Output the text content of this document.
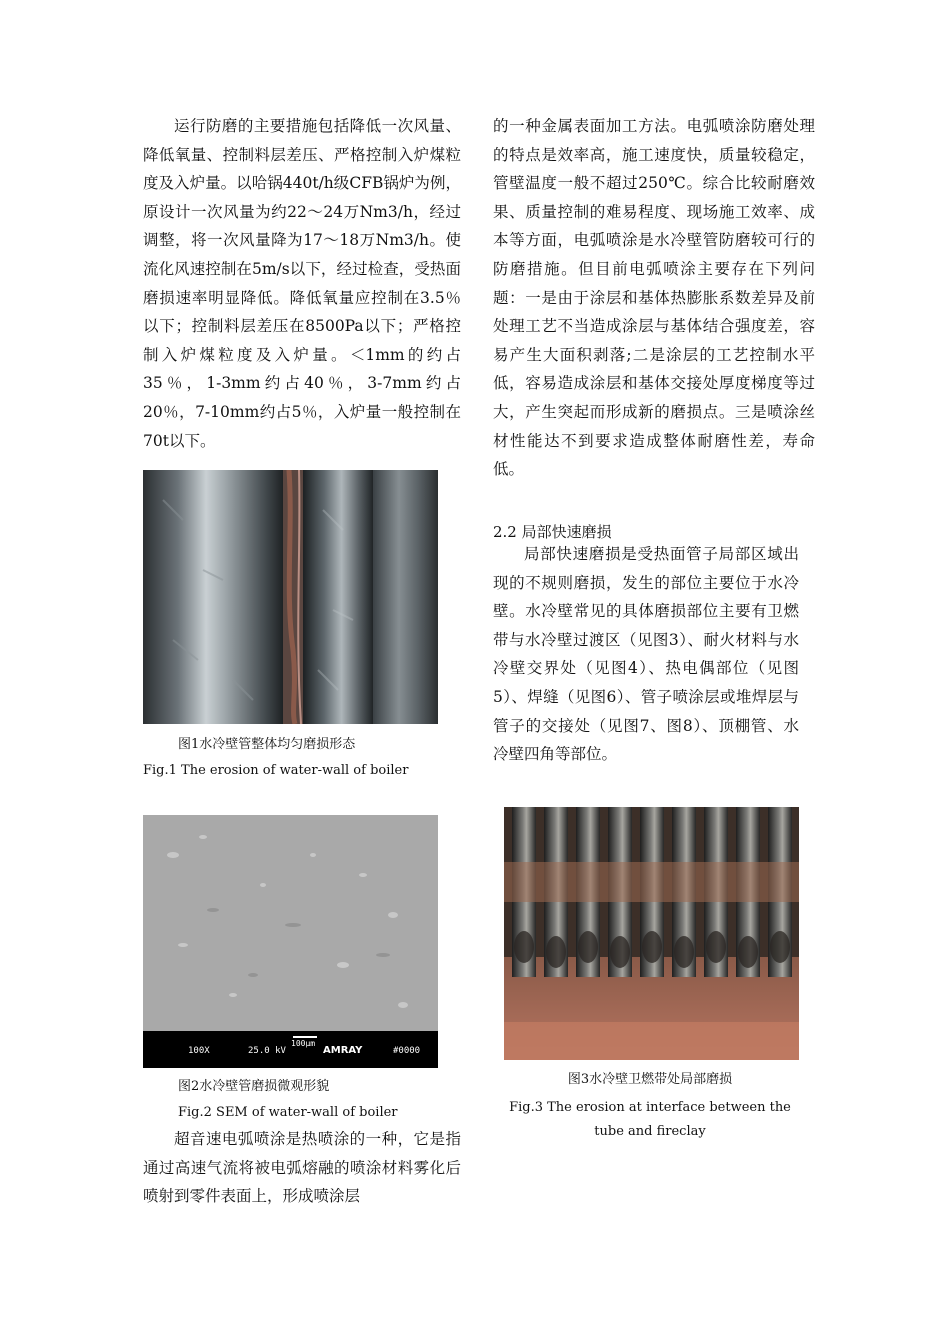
运行防磨的主要措施包括降低一次风量、降低氧量、控制料层差压、严格控制入炉煤粒度及入炉量。以哈锅440t/h级CFB锅炉为例，原设计一次风量为约22～24万Nm3/h，经过调整，将一次风量降为17～18万Nm3/h。使流化风速控制在5m/s以下，经过检查，受热面磨损速率明显降低。降低氧量应控制在3.5％以下；控制料层差压在8500Pa以下；严格控制入炉煤粒度及入炉量。＜1mm的约占35％，1-3mm约占40％，3-7mm约占20％，7-10mm约占5％，入炉量一般控制在70t以下。

图1水冷壁管整体均匀磨损形态
Fig.1 The erosion of water-wall of boiler
100X	25.0 kV
100μm
AMRAY	#0000
图2水冷壁管磨损微观形貌
Fig.2 SEM of water-wall of boiler

超音速电弧喷涂是热喷涂的一种，它是指通过高速气流将被电弧熔融的喷涂材料雾化后喷射到零件表面上，形成喷涂层

的一种金属表面加工方法。电弧喷涂防磨处理的特点是效率高，施工速度快，质量较稳定，管壁温度一般不超过250℃。综合比较耐磨效果、质量控制的难易程度、现场施工效率、成本等方面，电弧喷涂是水冷壁管防磨较可行的防磨措施。但目前电弧喷涂主要存在下列问题：一是由于涂层和基体热膨胀系数差异及前处理工艺不当造成涂层与基体结合强度差，容易产生大面积剥落;二是涂层的工艺控制水平低，容易造成涂层和基体交接处厚度梯度等过大，产生突起而形成新的磨损点。三是喷涂丝材性能达不到要求造成整体耐磨性差，寿命低。

2.2 局部快速磨损

局部快速磨损是受热面管子局部区域出现的不规则磨损，发生的部位主要位于水冷壁。水冷壁常见的具体磨损部位主要有卫燃带与水冷壁过渡区（见图3）、耐火材料与水冷壁交界处（见图4）、热电偶部位（见图5）、焊缝（见图6）、管子喷涂层或堆焊层与管子的交接处（见图7、图8）、顶棚管、水冷壁四角等部位。

图3水冷壁卫燃带处局部磨损
Fig.3 The erosion at interface between the tube and fireclay
